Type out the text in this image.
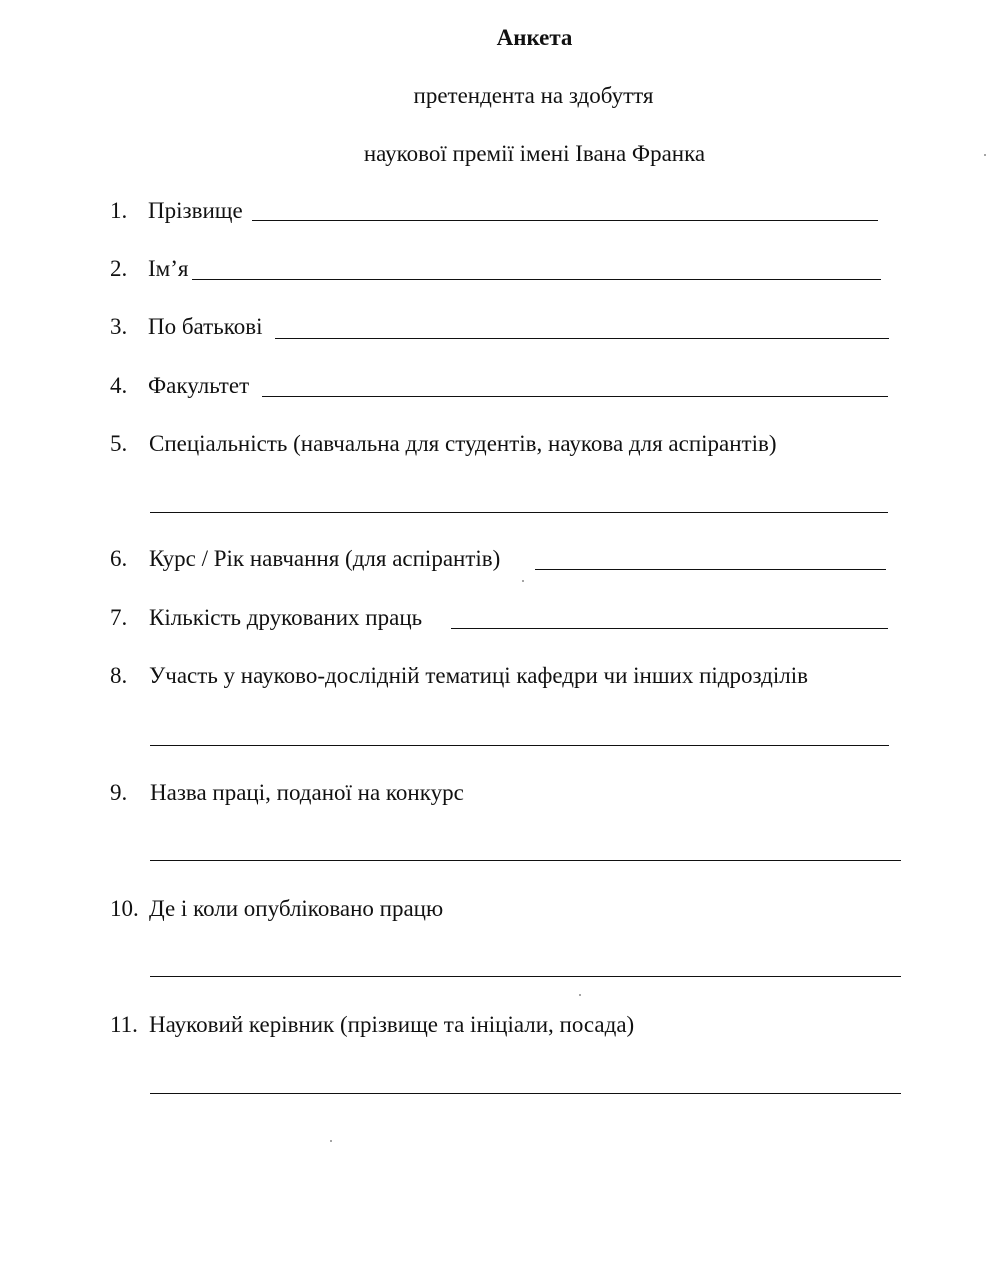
Анкета
претендента на здобуття
наукової премії імені Івана Франка
1. Прізвище
2. Ім’я
3. По батькові
4. Факультет
5. Спеціальність (навчальна для студентів, наукова для аспірантів)
6. Курс / Рік навчання (для аспірантів)
7. Кількість друкованих праць
8. Участь у науково-дослідній тематиці кафедри чи інших підрозділів
9. Назва праці, поданої на конкурс
10. Де і коли опубліковано працю
11. Науковий керівник (прізвище та ініціали, посада)
